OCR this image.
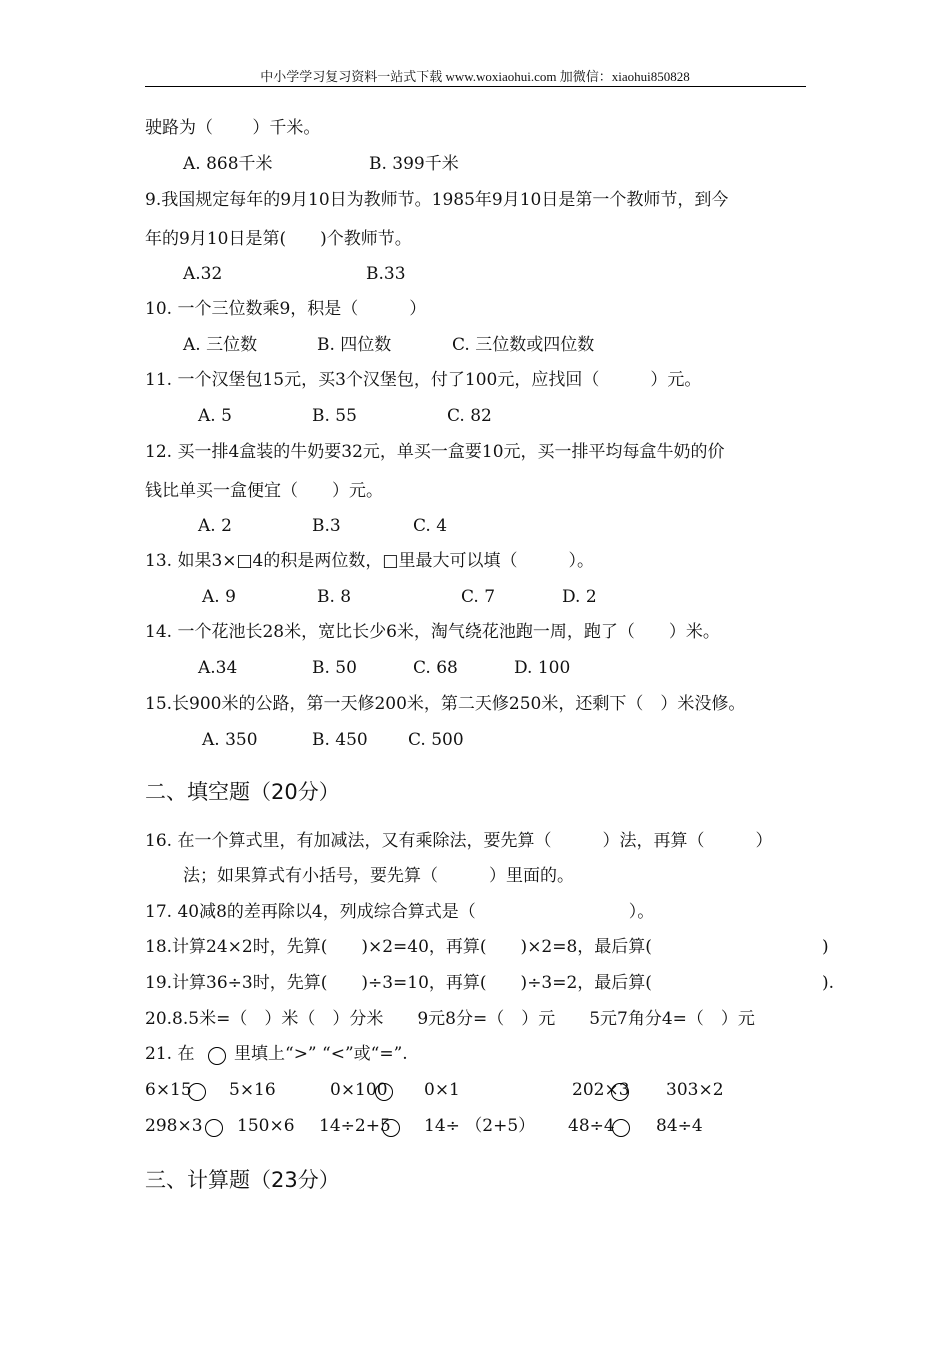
中小学学习复习资料一站式下载 www.woxiaohui.com 加微信：xiaohui850828
驶路为（　　 ）千米。
A. 868千米	B. 399千米
9.我国规定每年的9月10日为教师节。1985年9月10日是第一个教师节，到今
年的9月10日是第(　　)个教师节。
A.32	B.33
10. 一个三位数乘9，积是（　　　）
A. 三位数	B. 四位数	C. 三位数或四位数
11. 一个汉堡包15元，买3个汉堡包，付了100元，应找回（　　　）元。
A. 5	B. 55	C. 82
12. 买一排4盒装的牛奶要32元，单买一盒要10元，买一排平均每盒牛奶的价
钱比单买一盒便宜（　　）元。
A. 2	B.3	C. 4
13. 如果3×□4的积是两位数，□里最大可以填（　　　）。
A. 9	B. 8	C. 7	D. 2
14. 一个花池长28米，宽比长少6米，淘气绕花池跑一周，跑了（　　）米。
A.34	B. 50	C. 68	D. 100
15.长900米的公路，第一天修200米，第二天修250米，还剩下（　）米没修。
A. 350	B. 450 C. 500
二、填空题（20分）
16. 在一个算式里，有加减法，又有乘除法，要先算（　　　）法，再算（　　　）
法；如果算式有小括号，要先算（　　　）里面的。
17. 40减8的差再除以4，列成综合算式是（　　　　　　　　　）。
18.计算24×2时，先算(　　)×2=40，再算(　　)×2=8，最后算(　　　　　　　　　　)
19.计算36÷3时，先算(　　)÷3=10，再算(　　)÷3=2，最后算(　　　　　　　　　　).
20.8.5米=（　）米（　）分米　　9元8分=（　）元　　5元7角分4=（　）元
21. 在 里填上“>” “<”或“=”.
6×15 5×16	0×100 0×1	202×3 303×2
298×3 150×6 14÷2+5 14÷ （2+5） 48÷4 84÷4
三、计算题（23分）
